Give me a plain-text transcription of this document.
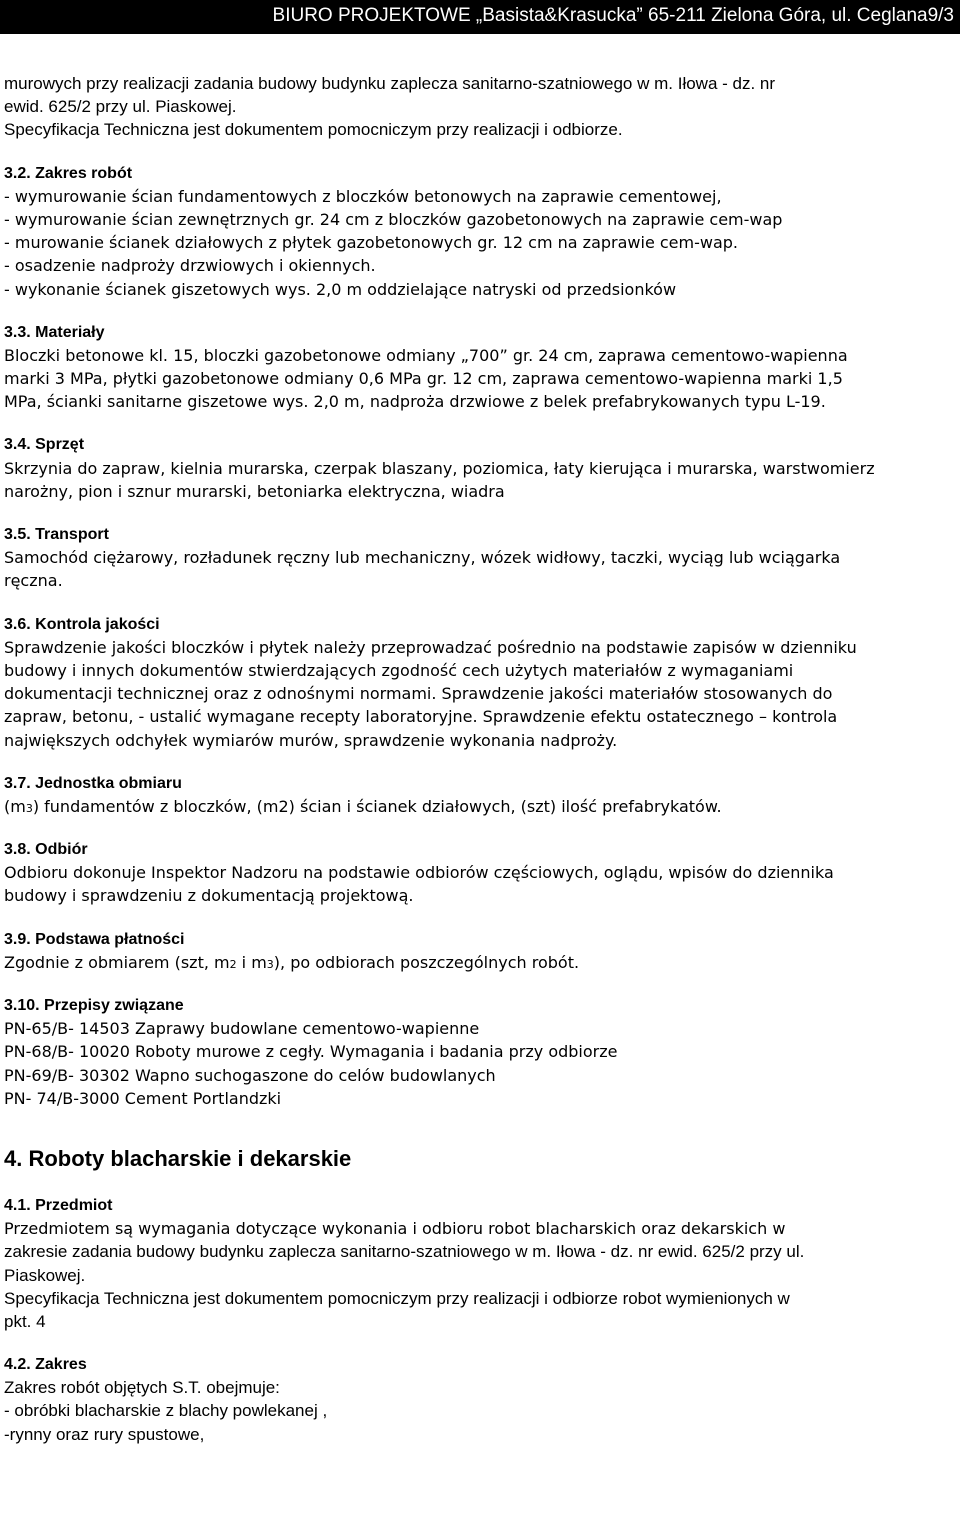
BIURO PROJEKTOWE „Basista&Krasucka” 65-211 Zielona Góra, ul. Ceglana9/3
murowych przy realizacji zadania budowy budynku zaplecza sanitarno-szatniowego w m. Iłowa - dz. nr
ewid. 625/2 przy ul. Piaskowej.
Specyfikacja Techniczna jest dokumentem pomocniczym przy realizacji i odbiorze.
3.2. Zakres robót
- wymurowanie ścian fundamentowych z bloczków betonowych na zaprawie cementowej,
- wymurowanie ścian zewnętrznych gr. 24 cm z bloczków gazobetonowych na zaprawie cem-wap
- murowanie ścianek działowych z płytek gazobetonowych gr. 12 cm na zaprawie cem-wap.
- osadzenie nadproży drzwiowych i okiennych.
- wykonanie ścianek giszetowych wys. 2,0 m oddzielające natryski od przedsionków
3.3. Materiały
Bloczki betonowe kl. 15, bloczki gazobetonowe odmiany „700” gr. 24 cm, zaprawa cementowo-wapienna
marki 3 MPa, płytki gazobetonowe odmiany 0,6 MPa gr. 12 cm, zaprawa cementowo-wapienna marki 1,5
MPa, ścianki sanitarne giszetowe wys. 2,0 m, nadproża drzwiowe z belek prefabrykowanych typu L-19.
3.4. Sprzęt
Skrzynia do zapraw, kielnia murarska, czerpak blaszany, poziomica, łaty kierująca i murarska, warstwomierz
narożny, pion i sznur murarski, betoniarka elektryczna, wiadra
3.5. Transport
Samochód ciężarowy, rozładunek ręczny lub mechaniczny, wózek widłowy, taczki, wyciąg lub wciągarka
ręczna.
3.6. Kontrola jakości
Sprawdzenie jakości bloczków i płytek należy przeprowadzać pośrednio na podstawie zapisów w dzienniku
budowy i innych dokumentów stwierdzających zgodność cech użytych materiałów z wymaganiami
dokumentacji technicznej oraz z odnośnymi normami. Sprawdzenie jakości materiałów stosowanych do
zapraw, betonu, - ustalić wymagane recepty laboratoryjne. Sprawdzenie efektu ostatecznego – kontrola
największych odchyłek wymiarów murów, sprawdzenie wykonania nadproży.
3.7. Jednostka obmiaru
(m3) fundamentów z bloczków, (m2) ścian i ścianek działowych, (szt) ilość prefabrykatów.
3.8. Odbiór
Odbioru dokonuje Inspektor Nadzoru na podstawie odbiorów częściowych, oglądu, wpisów do dziennika
budowy i sprawdzeniu z dokumentacją projektową.
3.9. Podstawa płatności
Zgodnie z obmiarem (szt, m2 i m3), po odbiorach poszczególnych robót.
3.10. Przepisy związane
PN-65/B- 14503 Zaprawy budowlane cementowo-wapienne
PN-68/B- 10020 Roboty murowe z cegły. Wymagania i badania przy odbiorze
PN-69/B- 30302 Wapno suchogaszone do celów budowlanych
PN- 74/B-3000 Cement Portlandzki
4. Roboty blacharskie i dekarskie
4.1. Przedmiot
Przedmiotem są wymagania dotyczące wykonania i odbioru robot blacharskich oraz dekarskich w
zakresie zadania budowy budynku zaplecza sanitarno-szatniowego w m. Iłowa - dz. nr ewid. 625/2 przy ul.
Piaskowej.
Specyfikacja Techniczna jest dokumentem pomocniczym przy realizacji i odbiorze robot wymienionych w
pkt. 4
4.2. Zakres
Zakres robót objętych S.T. obejmuje:
- obróbki blacharskie z blachy powlekanej ,
-rynny oraz rury spustowe,
